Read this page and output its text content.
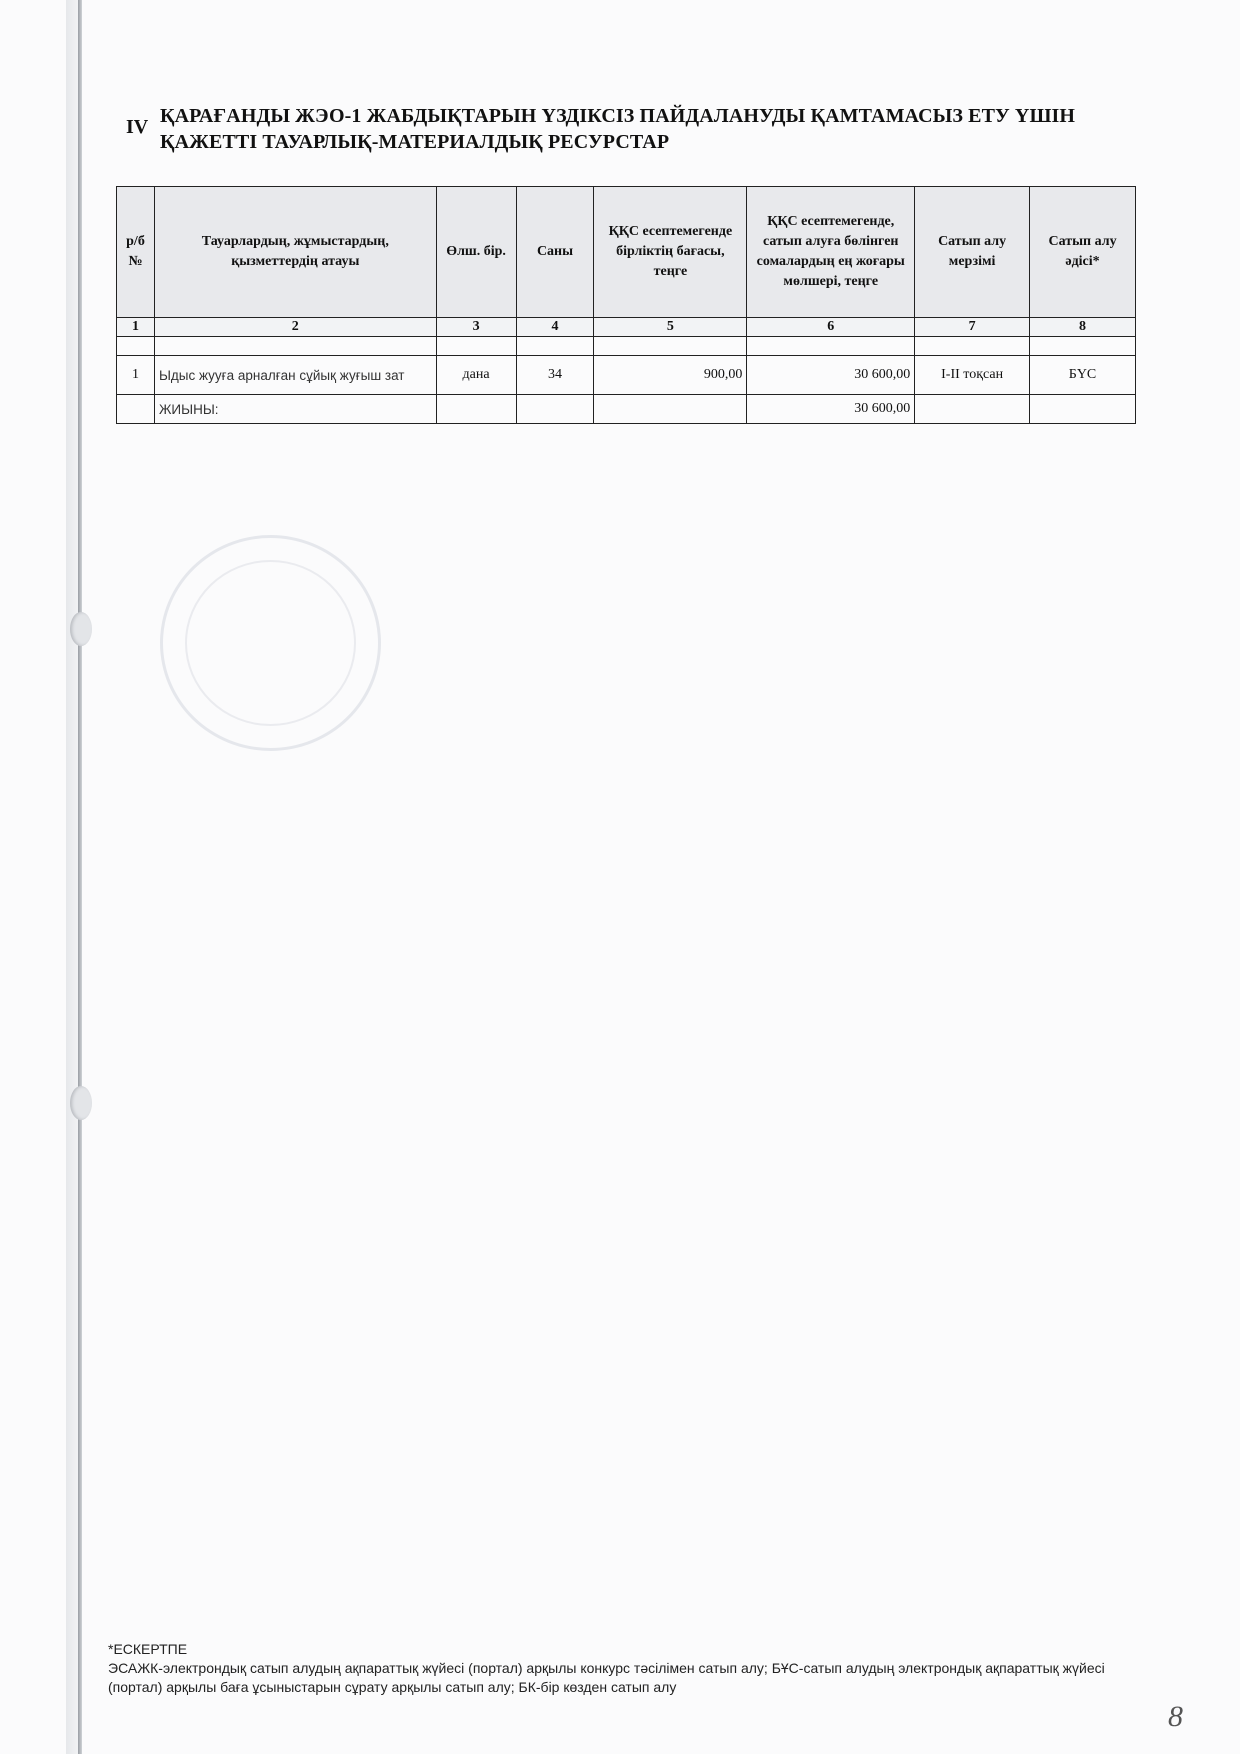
IV ҚАРАҒАНДЫ ЖЭО-1 ЖАБДЫҚТАРЫН ҮЗДІКСІЗ ПАЙДАЛАНУДЫ ҚАМТАМАСЫЗ ЕТУ ҮШІН
ҚАЖЕТТІ ТАУАРЛЫҚ-МАТЕРИАЛДЫҚ РЕСУРСТАР
р/б №	Тауарлардың, жұмыстардың, қызметтердің атауы	Өлш. бір.	Саны	ҚҚС есептемегенде бірліктің бағасы, теңге	ҚҚС есептемегенде, сатып алуға бөлінген сомалардың ең жоғары мөлшері, теңге	Сатып алу мерзімі	Сатып алу әдісі*
1	2	3	4	5	6	7	8

1	Ыдыс жууға арналған сұйық жуғыш зат	дана	34	900,00	30 600,00	I-II тоқсан	БҮС
	ЖИЫНЫ:				30 600,00		
*ЕСКЕРТПЕ
ЭСАЖК-электрондық сатып алудың ақпараттық жүйесі (портал) арқылы конкурс тәсілімен сатып алу; БҰС-сатып алудың электрондық ақпараттық жүйесі (портал) арқылы баға ұсыныстарын сұрату арқылы сатып алу; БК-бір көзден сатып алу
8
